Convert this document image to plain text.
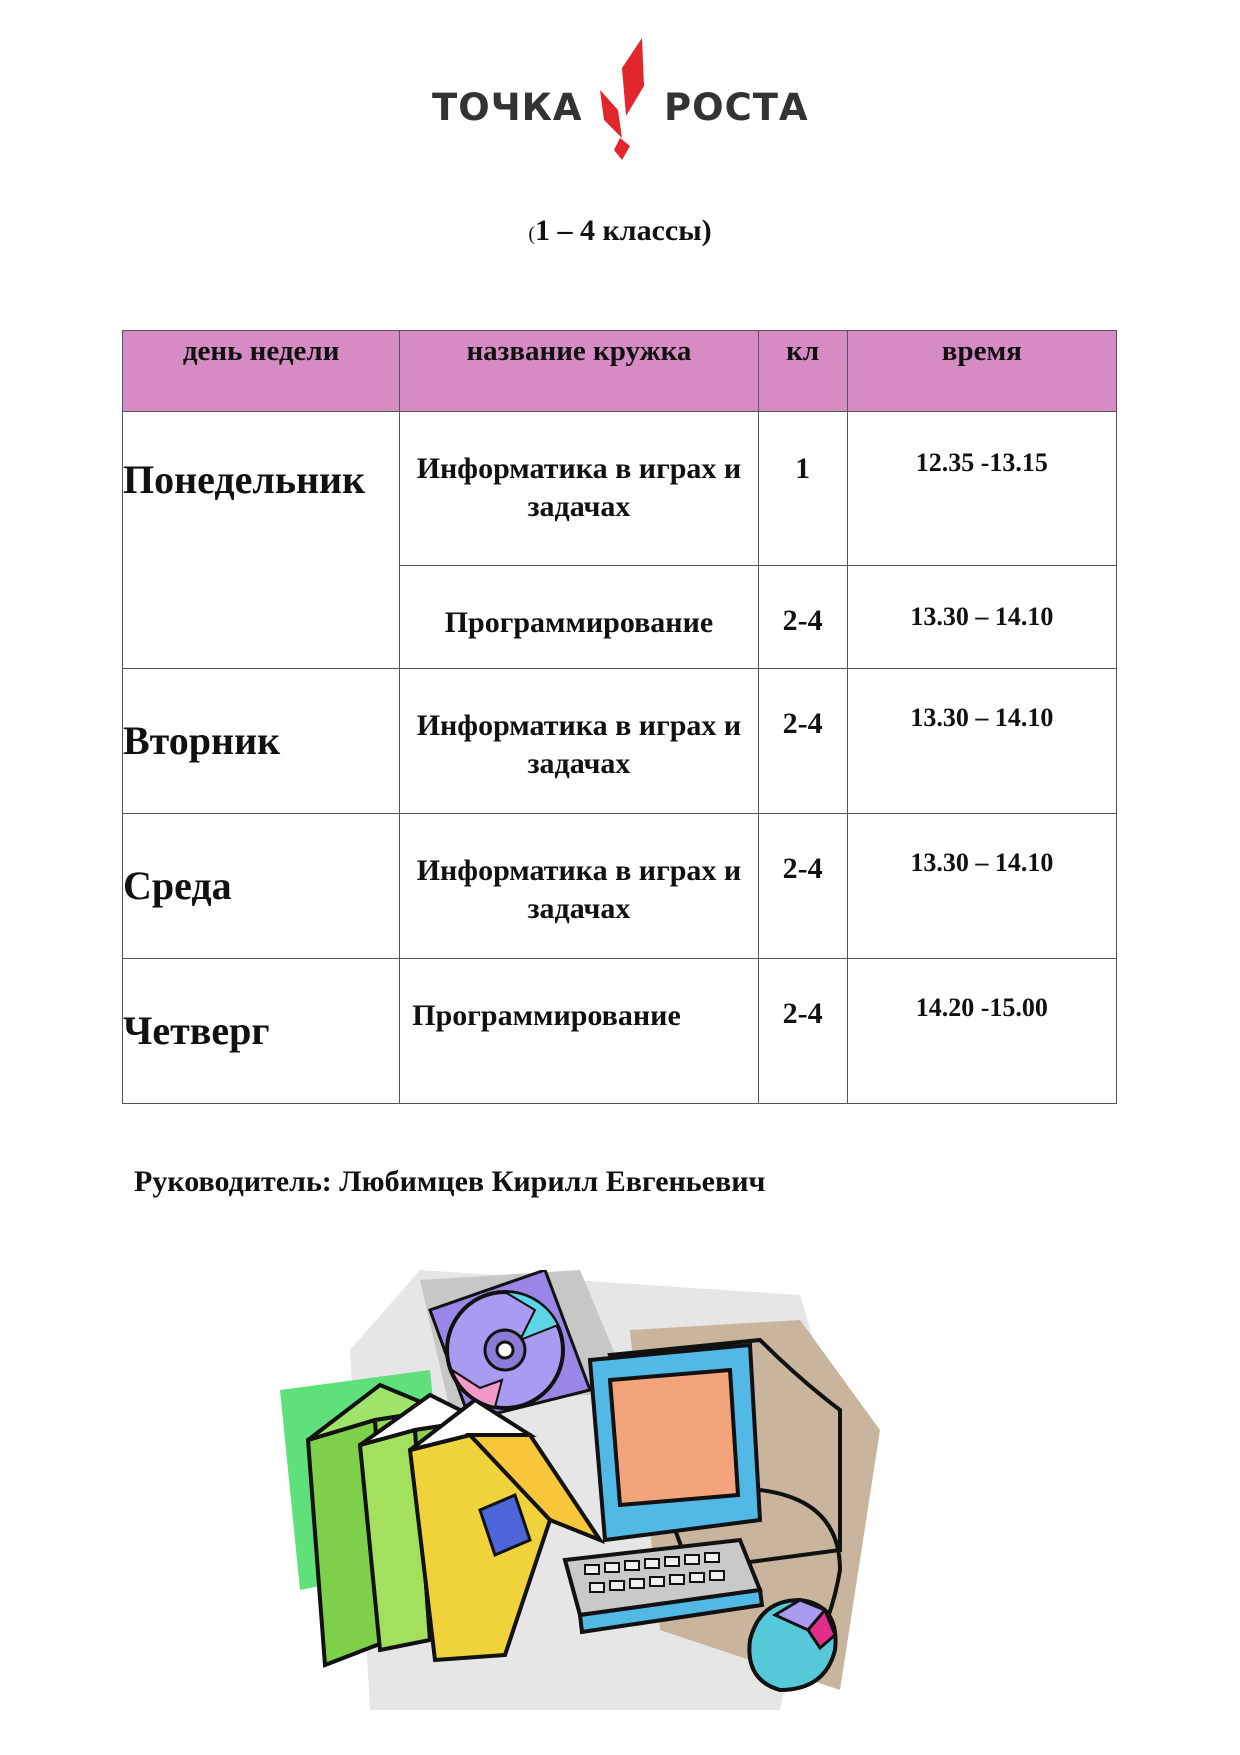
ТОЧКА РОСТА
(1 – 4 классы)
день недели	название кружка	кл	время
Понедельник	Информатика в играх и задачах	1	12.35 -13.15
	Программирование	2-4	13.30 – 14.10
Вторник	Информатика в играх и задачах	2-4	13.30 – 14.10
Среда	Информатика в играх и задачах	2-4	13.30 – 14.10
Четверг	Программирование	2-4	14.20 -15.00
Руководитель: Любимцев Кирилл Евгеньевич
